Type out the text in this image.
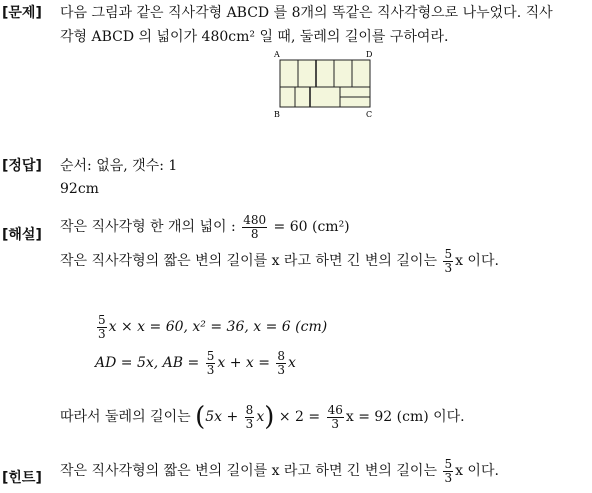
[문제] 다음 그림과 같은 직사각형 ABCD 를 8개의 똑같은 직사각형으로 나누었다. 직사
각형 ABCD 의 넓이가 480cm² 일 때, 둘레의 길이를 구하여라.
A	D
B	C
[정답] 순서: 없음, 갯수: 1
92cm
[해설] 작은 직사각형 한 개의 넓이 : $\frac{480}{8} = 60$ (cm²)
작은 직사각형의 짧은 변의 길이를 x 라고 하면 긴 변의 길이는 $\frac{5}{3}$ x 이다.
$\frac{5}{3}$ x × x = 60, x² = 36, x = 6 (cm)
AD = 5x, AB = $\frac{5}{3}$ $x + x = \frac{8}{3}$ x
따라서 둘레의 길이는 $(5x + \frac{8}{3} x) \times 2 = \frac{46}{3}$ x = 92 (cm) 이다.
[힌트] 작은 직사각형의 짧은 변의 길이를 x 라고 하면 긴 변의 길이는 $\frac{5}{3}$ x 이다.
